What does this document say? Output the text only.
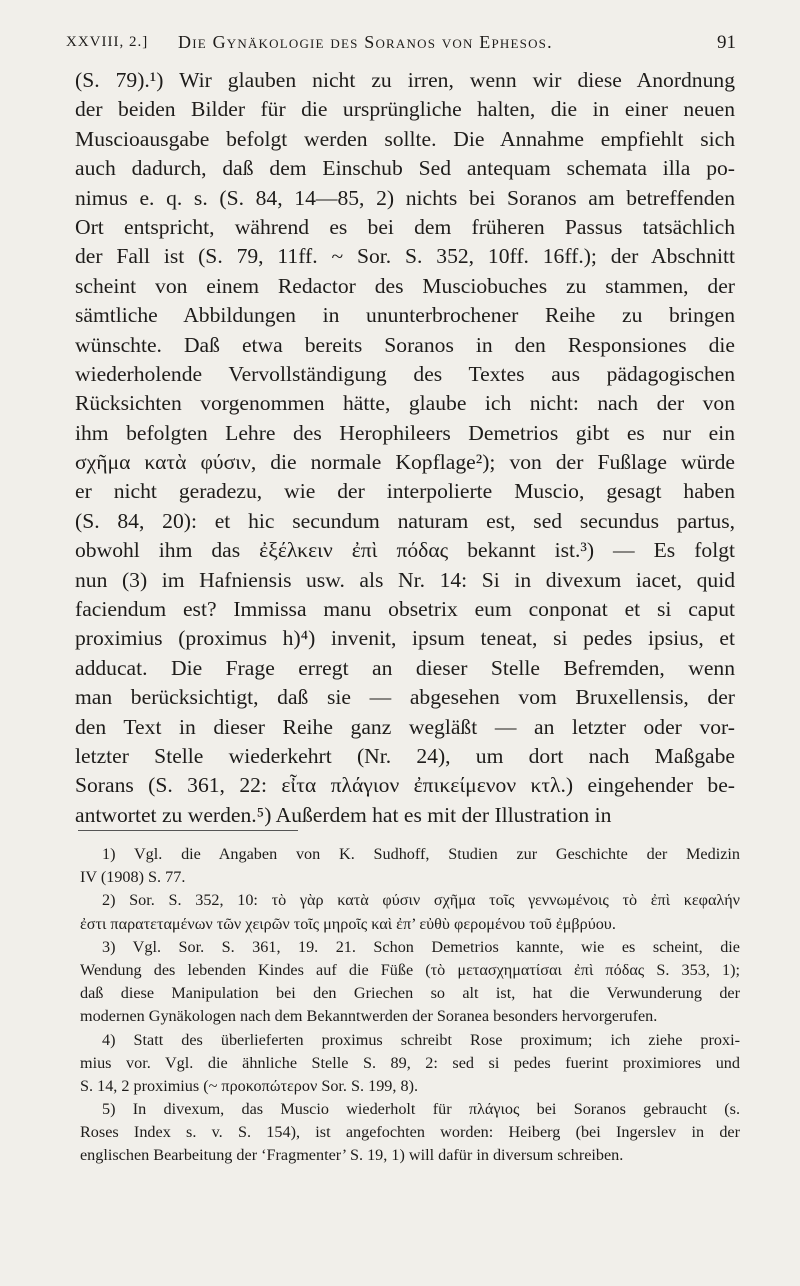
XXVIII, 2.] Die Gynäkologie des Soranos von Ephesos.	91
(S. 79).¹) Wir glauben nicht zu irren, wenn wir diese Anordnung
der beiden Bilder für die ursprüngliche halten, die in einer neuen
Muscioausgabe befolgt werden sollte. Die Annahme empfiehlt sich
auch dadurch, daß dem Einschub Sed antequam schemata illa po-
nimus e. q. s. (S. 84, 14—85, 2) nichts bei Soranos am betreffenden
Ort entspricht, während es bei dem früheren Passus tatsächlich
der Fall ist (S. 79, 11ff. ~ Sor. S. 352, 10ff. 16ff.); der Abschnitt
scheint von einem Redactor des Musciobuches zu stammen, der
sämtliche Abbildungen in ununterbrochener Reihe zu bringen
wünschte. Daß etwa bereits Soranos in den Responsiones die
wiederholende Vervollständigung des Textes aus pädagogischen
Rücksichten vorgenommen hätte, glaube ich nicht: nach der von
ihm befolgten Lehre des Herophileers Demetrios gibt es nur ein
σχῆμα κατὰ φύσιν, die normale Kopflage²); von der Fußlage würde
er nicht geradezu, wie der interpolierte Muscio, gesagt haben
(S. 84, 20): et hic secundum naturam est, sed secundus partus,
obwohl ihm das ἐξέλκειν ἐπὶ πόδας bekannt ist.³) — Es folgt
nun (3) im Hafniensis usw. als Nr. 14: Si in divexum iacet, quid
faciendum est? Immissa manu obsetrix eum conponat et si caput
proximius (proximus h)⁴) invenit, ipsum teneat, si pedes ipsius, et
adducat. Die Frage erregt an dieser Stelle Befremden, wenn
man berücksichtigt, daß sie — abgesehen vom Bruxellensis, der
den Text in dieser Reihe ganz wegläßt — an letzter oder vor-
letzter Stelle wiederkehrt (Nr. 24), um dort nach Maßgabe
Sorans (S. 361, 22: εἶτα πλάγιον ἐπικείμενον κτλ.) eingehender be-
antwortet zu werden.⁵) Außerdem hat es mit der Illustration in
1) Vgl. die Angaben von K. Sudhoff, Studien zur Geschichte der Medizin
IV (1908) S. 77.
2) Sor. S. 352, 10: τὸ γὰρ κατὰ φύσιν σχῆμα τοῖς γεννωμένοις τὸ ἐπὶ κεφαλήν
ἐστι παρατεταμένων τῶν χειρῶν τοῖς μηροῖς καὶ ἐπ’ εὐθὺ φερομένου τοῦ ἐμβρύου.
3) Vgl. Sor. S. 361, 19. 21. Schon Demetrios kannte, wie es scheint, die
Wendung des lebenden Kindes auf die Füße (τὸ μετασχηματίσαι ἐπὶ πόδας S. 353, 1);
daß diese Manipulation bei den Griechen so alt ist, hat die Verwunderung der
modernen Gynäkologen nach dem Bekanntwerden der Soranea besonders hervorgerufen.
4) Statt des überlieferten proximus schreibt Rose proximum; ich ziehe proxi-
mius vor. Vgl. die ähnliche Stelle S. 89, 2: sed si pedes fuerint proximiores und
S. 14, 2 proximius (~ προκοπώτερον Sor. S. 199, 8).
5) In divexum, das Muscio wiederholt für πλάγιος bei Soranos gebraucht (s.
Roses Index s. v. S. 154), ist angefochten worden: Heiberg (bei Ingerslev in der
englischen Bearbeitung der ‘Fragmenter’ S. 19, 1) will dafür in diversum schreiben.
